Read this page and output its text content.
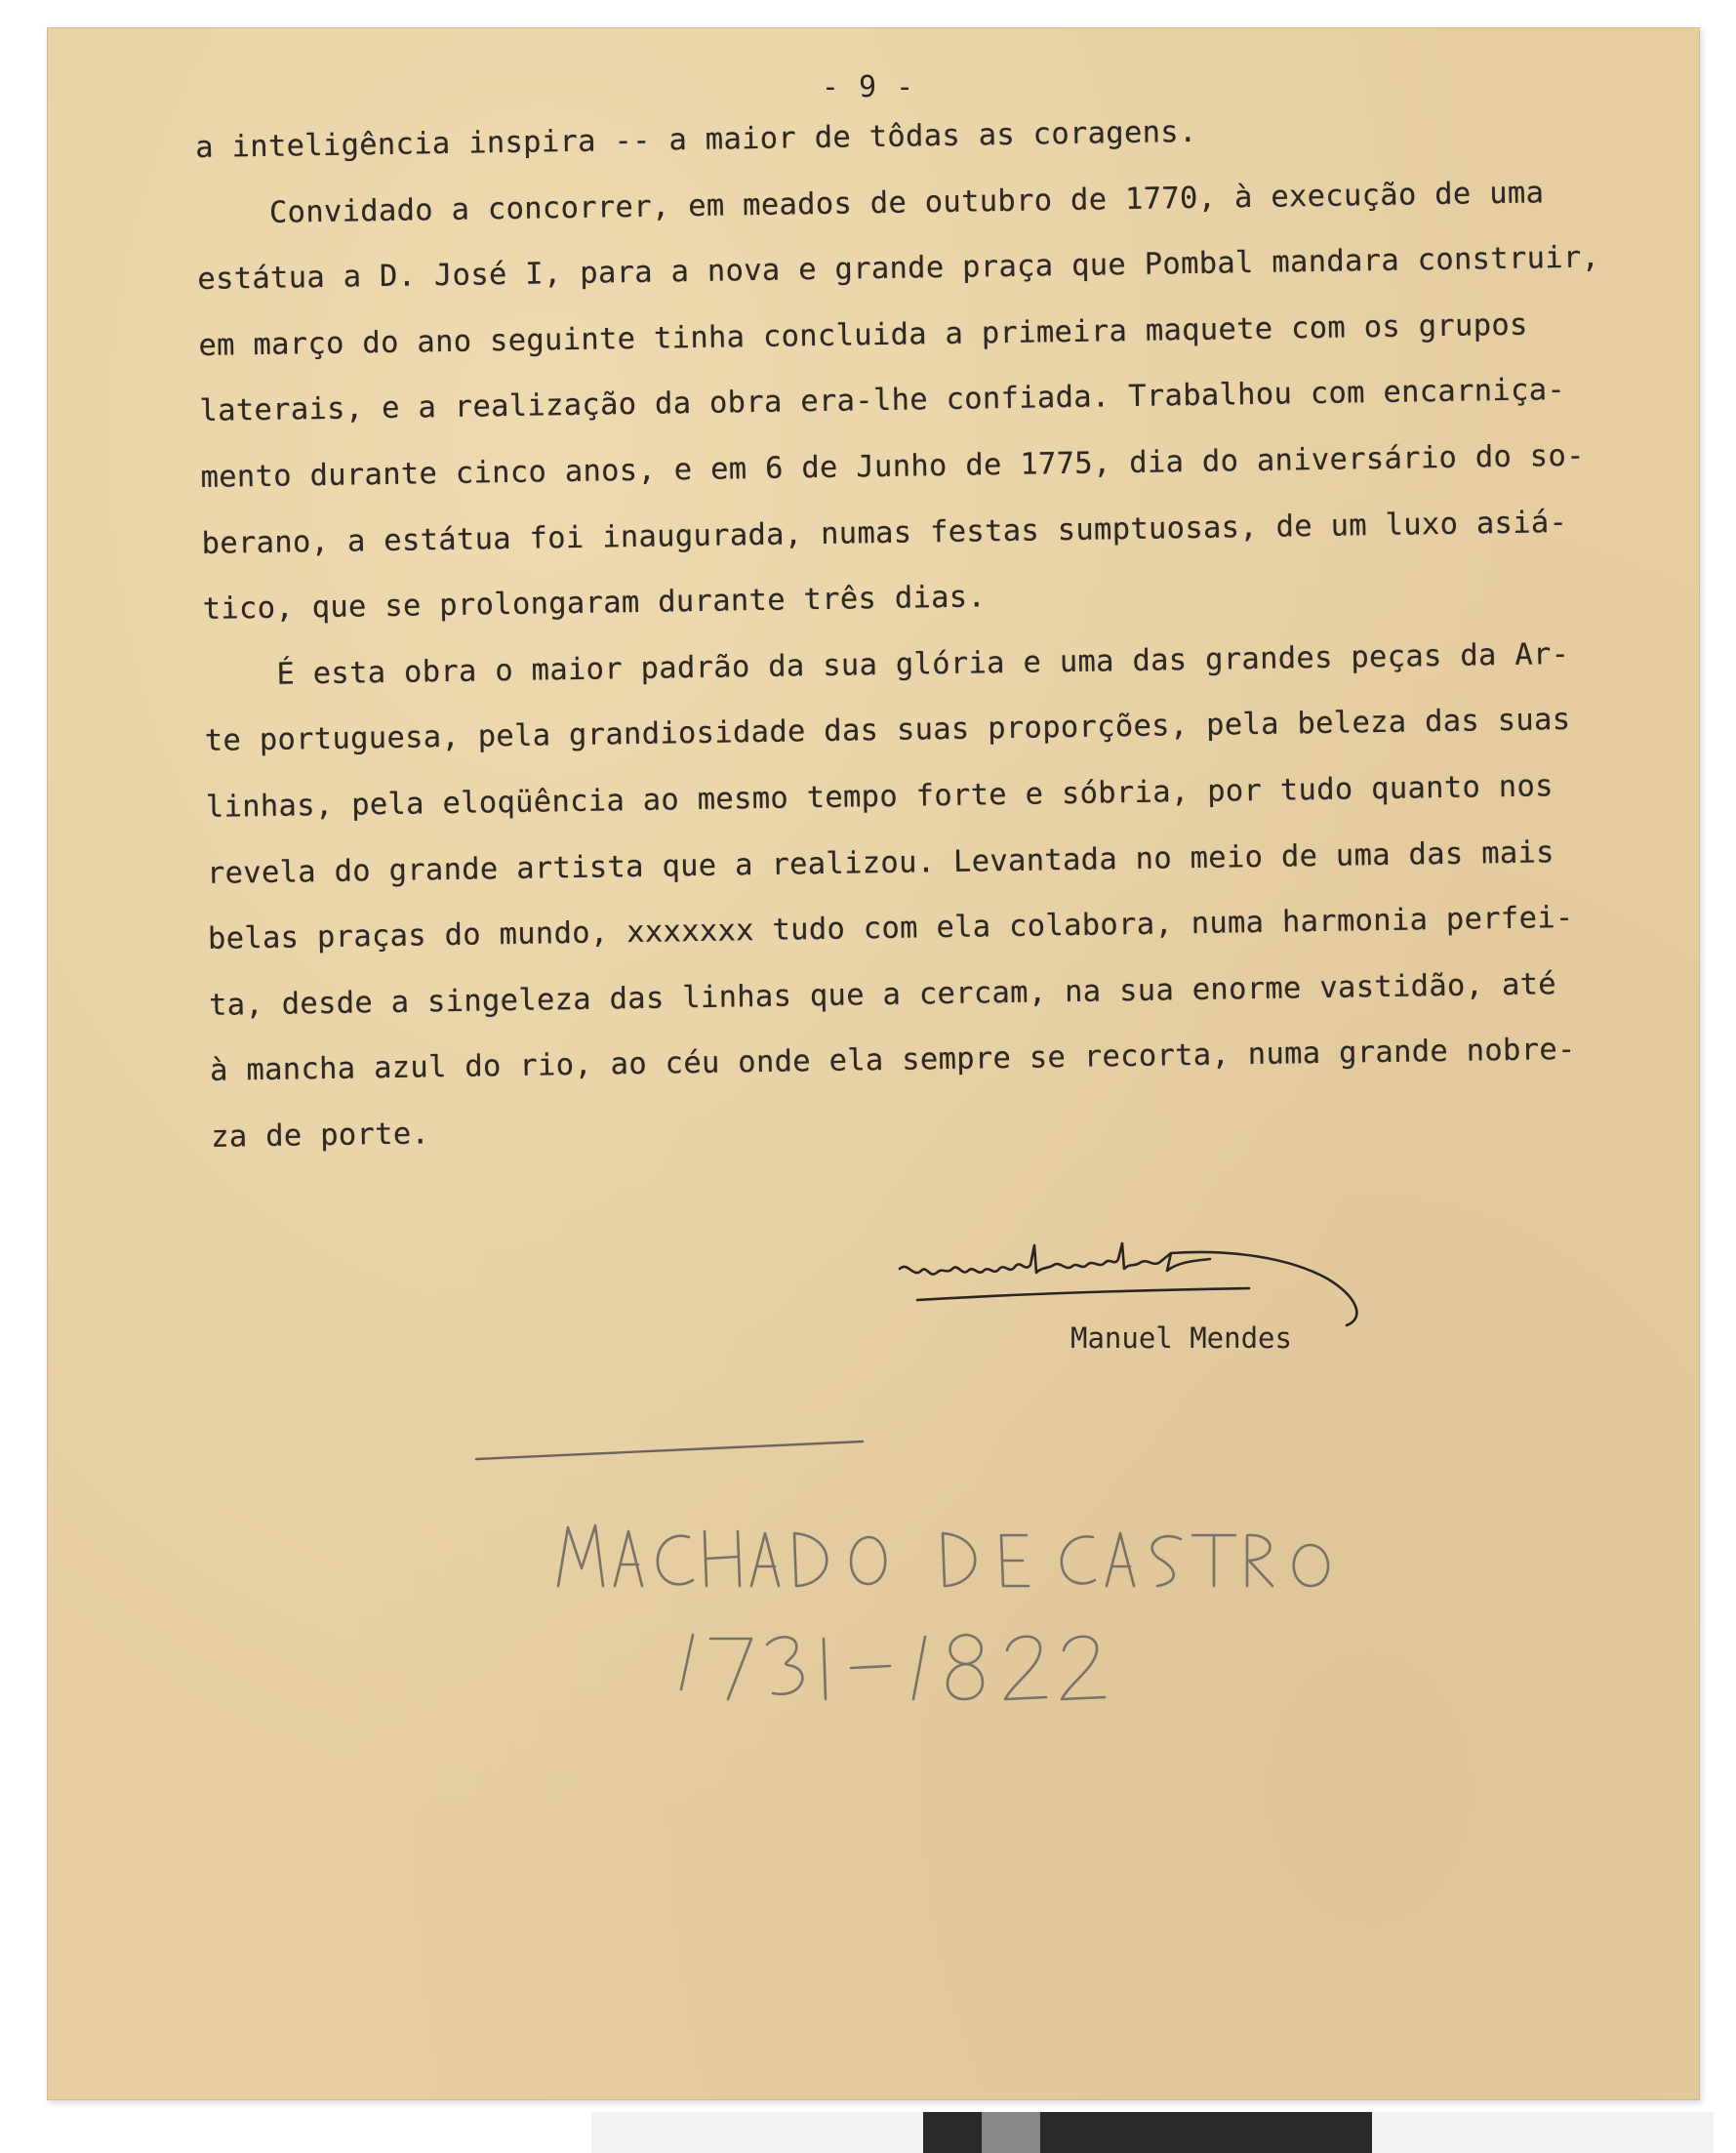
- 9 -
a inteligência inspira -- a maior de tôdas as coragens.
Convidado a concorrer, em meados de outubro de 1770, à execução de uma
estátua a D. José I, para a nova e grande praça que Pombal mandara construir,
em março do ano seguinte tinha concluida a primeira maquete com os grupos
laterais, e a realização da obra era-lhe confiada. Trabalhou com encarniça-
mento durante cinco anos, e em 6 de Junho de 1775, dia do aniversário do so-
berano, a estátua foi inaugurada, numas festas sumptuosas, de um luxo asiá-
tico, que se prolongaram durante três dias.
É esta obra o maior padrão da sua glória e uma das grandes peças da Ar-
te portuguesa, pela grandiosidade das suas proporções, pela beleza das suas
linhas, pela eloqüência ao mesmo tempo forte e sóbria, por tudo quanto nos
revela do grande artista que a realizou. Levantada no meio de uma das mais
belas praças do mundo, xxxxxxx tudo com ela colabora, numa harmonia perfei-
ta, desde a singeleza das linhas que a cercam, na sua enorme vastidão, até
à mancha azul do rio, ao céu onde ela sempre se recorta, numa grande nobre-
za de porte.
Manuel Mendes
